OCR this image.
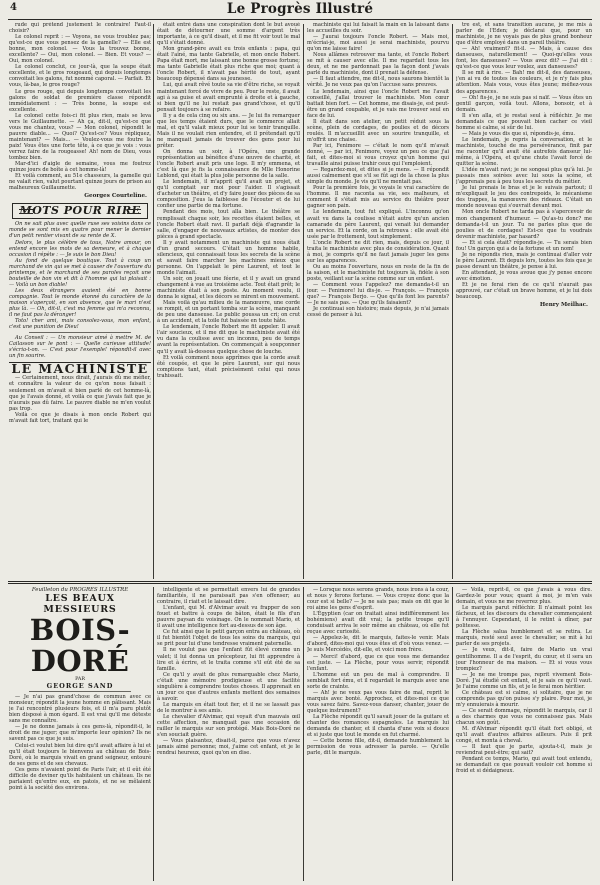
4	Le Progrès Illustré

rude qui prétend justement le contraire! Faut-il choisir?

Le colonel reprit : — Voyons, ne vous troublez pas; qu'est-ce que vous pensez de la gamelle? — Elle est bonne, mon colonel. — Vous la trouvez bonne, excellente? — Oui, mon colonel. — Bien. Et vous? — Oui, mon colonel.

Le colonel conclut, ce jour-là, que la soupe était excellente, et le gros rougeaud, qui depuis longtemps convoitait les galons, fut nommé caporal. — Parfait. Et vous, là-bas, le gros rouge?

Le gros rouge, qui depuis longtemps convoitait les galons de soldat de première classe répondit immédiatement : — Très bonne, la soupe est excellente.

Le colonel cette fois-ci fit plus rien, mais se leva vers le Guillaumette. — Ah ça, dit-il, qu'est-ce que vous me chantez, vous? — Mon colonel, répondit le pauvre diable... — Quoi? Qu'est-ce? Vous répliquez, maintenant? — Mais... — Voulez-vous me foutre la paix! Vous êtes une forte tête, à ce que je vois : vous verrez faire de la rougeasse! Ah! nom de Dieu, vous tombez bien.

Mar-d'ici d'aigle de semaine, vous me foutrez quinze jours de boîte à cet homme-là!

Et voilà comment, au 51e chasseurs, la gamelle qui ne valait rien, valut pourtant quinze jours de prison au malheureux Guillaumette.

Georges Courteline.
MOTS POUR RIRE

On ne sait plus avec quelle ruse ses voisins dans ce monde se sont mis en quatre pour mener le dernier d'un petit rentier vivant de sa rente de X.

Delors, le plus célèbre de tous, Notre amour, on entend encore les mots de sa demeure, et à chaque occasion il répète : — Je suis le bon Dieu!

Au fond de quelque boutique. Tout à coup un marchand de vin qui se met à causer de l'ouverture du printemps, et le marchand de ses paroles reçoit une bouteille de bon vin et dit à l'homme qui lui plaisait : — Voilà un bon diable!

Les deux étrangers avaient été en bonne compagnie. Tout le monde étonné du caractère de la maison s'aperçoit, en son absence, que le mari n'est plus là. — Oh, dit-il, c'est ma femme qui m'a reconnu, il ne faut pas la déranger!

Toto! cher ami, mais consolez-vous, mon enfant, c'est une punition de Dieu!

Au Conseil : — Un monsieur aimé à mettre M. de Cailasson sur le pont : — Quelle curieuse attitude! s'écria-t-on. — C'est pour l'exemple! répondit-il avec un fin sourire.

LE MACHINISTE

— Certainement, nous dirait, j'aurais dû me méfier, et connaître la valeur de ce qu'on nous faisait : seulement on m'avait si bien parlé de cet homme-là, que je l'avais donné, et voilà ce que j'avais fait que je n'aurais pas dû faire. Le pauvre diable ne m'en voulut pas trop.

Voilà ce que je disais à mon oncle Robert qui m'avait fait tort, traitant qui le

était entré dans une conspiration dont le but avoué était de détourner une somme d'argent très importante, à ce qu'il disait, et il me fit voir tout le mal qu'il s'était donné.

Mon grand-père avait eu trois enfants : papa, qui était l'aîné, ma tante Gabrielle, et mon oncle Robert. Papa était mort, me laissant une bonne grosse fortune; ma tante Gabrielle était plus riche que moi; quant à l'oncle Robert, il n'avait pas hérité de tout, ayant beaucoup dépensé dans sa jeunesse.

Lui, qui avait rêvé toute sa vie d'être riche, se voyait maintenant forcé de vivre de peu. Pour le reste, il avait agi à sa guise et avait emprunté à droite et à gauche, si bien qu'il ne lui restait pas grand'chose, et qu'il pensait toujours à se refaire.

Il y a de cela cinq ou six ans. — Je lui fis remarquer que les temps étaient durs, que le commerce allait mal, et qu'il valait mieux pour lui se tenir tranquille. Mais il ne voulait rien entendre, et il prétendait qu'il ne manquait jamais de trouver des gens pour lui prêter.

On donna un soir, à l'Opéra, une grande représentation au bénéfice d'une œuvre de charité, et l'oncle Robert avait pris une loge. Il m'y emmena, et c'est là que je fis la connaissance de Mlle Honorine Leblond, qui était la plus jolie personne de la salle.

Le lendemain, il m'apprit qu'il avait un projet, et qu'il comptait sur moi pour l'aider. Il s'agissait d'acheter un théâtre, et d'y faire jouer des pièces de sa composition. J'eus la faiblesse de l'écouter et de lui confier une partie de ma fortune.

Pendant des mois, tout alla bien. Le théâtre se remplissait chaque soir, les recettes étaient belles, et l'oncle Robert était ravi. Il parlait déjà d'agrandir la salle, d'engager de nouveaux artistes, de monter des pièces à grand spectacle.

Il y avait notamment un machiniste qui nous était d'un grand secours. C'était un homme habile, silencieux, qui connaissait tous les secrets de la scène et savait faire marcher les machines mieux que personne. On l'appelait le père Laurent, et tout le monde l'aimait.

Un soir, on jouait une féerie, et il y avait un grand changement à vue au troisième acte. Tout était prêt; le machiniste était à son poste. Au moment voulu, il donna le signal, et les décors se mirent en mouvement.

Mais voilà qu'au milieu de la manœuvre, une corde se rompit, et un portant tomba sur la scène, manquant de peu une danseuse. Le public poussa un cri; on crut à un accident, et la toile fut baissée en toute hâte.

Le lendemain, l'oncle Robert me fit appeler. Il avait l'air soucieux, et il me dit que le machiniste avait été vu dans la coulisse avec un inconnu, peu de temps avant la représentation. On commençait à soupçonner qu'il y avait là-dessous quelque chose de louche.

Et voilà comment nous apprîmes que la corde avait été coupée, et que le père Laurent, sur qui nous comptions tant, était précisément celui qui nous trahissait.

machiniste qui lui faisait la main en la laissant dans les accueilles du soir.

— J'aurai toujours l'oncle Robert. — Mais moi, m'écriai-je, moi aussi je serai machiniste, pourvu qu'on me laisse faire!

Nous allâmes retrouver ma tante, et l'oncle Robert se mit à causer avec elle. Il me regardait tous les deux, et ne me pardonnait pas la façon dont j'avais parlé du machiniste, dont il prenait la défense.

— Il faut attendre, me dit-il, nous saurons bientôt la vérité. Je ne veux pas qu'on l'accuse sans preuves.

Le lendemain, ainsi que l'oncle Robert me l'avait conseillé, j'allai trouver le machiniste. Mon cœur battait bien fort. — Cet homme, me disais-je, est peut-être un grand coupable, et je vais me trouver seul en face de lui.

Il était dans son atelier, un petit réduit sous la scène, plein de cordages, de poulies et de décors roulés. Il m'accueillit avec un sourire tranquille, et m'offrit une chaise.

Par ici, Fenimore — c'était le nom qu'il m'avait donné, — par ici, Fenimore, voyez un peu ce que j'ai fait, et dites-moi si vous croyez qu'un homme qui travaille ainsi puisse trahir ceux qui l'emploient.

— Regardez-moi, et dites si je mens. — Il répondit aussi calmement que s'il se fût agi de la chose la plus simple du monde. Je vis qu'il ne mentait pas.

Pour la première fois, je voyais le vrai caractère de l'homme. Il me raconta sa vie, ses malheurs, et comment il s'était mis au service du théâtre pour gagner son pain.

Le lendemain, tout fut expliqué. L'inconnu qu'on avait vu dans la coulisse n'était autre qu'un ancien camarade du père Laurent, qui venait lui demander un service. Et la corde, on la retrouva : elle avait été usée par le frottement, tout simplement.

L'oncle Robert ne dit rien, mais, depuis ce jour, il traita le machiniste avec plus de considération. Quant à moi, je compris qu'il ne faut jamais juger les gens sur les apparences.

Ou au moins l'ouverture, nous en reste de la fin de la saison, et le machiniste fut toujours là, fidèle à son poste, veillant sur la scène comme sur un enfant.

— Comment vous l'appelez? me demanda-t-il un jour. — Fenimore! lui dis-je. — François. — François que? — François Berjo. — Que qu'ils font les parents? — Je ne sais pas. — Que qu'ils faisaient?

Je continuai son histoire; mais depuis, je n'ai jamais cessé de penser à lui.

tre est, et sans transition aucune, je me mis à parler de l'Eden; je déclarai que, pour un machiniste, je ne voyais pas de plus grand bonheur que d'être employé dans un pareil théâtre.

— Ah! vraiment? fit-il. — Mais, à cause des danseuses, naturellement! — Quoi-qu'elles vous font, les danseuses? — Vous avez dit? — J'ai dit : qu'est-ce que vous leur voulez, aux danseuses?

Il se mit à rire. — Bah! me dit-il, des danseuses, j'en ai vu de toutes les couleurs, et je n'y fais plus attention. Mais vous, vous êtes jeune; méfiez-vous des apparences.

— Oh! fis-je, je ne suis pas si naïf. — Vous êtes un gentil garçon, voilà tout. Allons, bonsoir, et à demain.

Il s'en alla, et je restai seul à réfléchir. Je me demandais ce que pouvait bien cacher ce vieil homme si calme, si sûr de lui.

— Mais je vous dis que si, répondis-je, ému.

Le lendemain, je repris la conversation, et le machiniste, touché de ma persévérance, finit par me raconter qu'il avait été autrefois danseur lui-même, à l'Opéra, et qu'une chute l'avait forcé de quitter la scène.

L'idée m'avait ravi; je ne songeai plus qu'à lui. Je passais mes soirées avec lui sous la scène, et j'apprenais peu à peu tous les secrets du métier.

Je lui prenais le bras et je le suivais partout; il m'expliquait le jeu des contrepoids, le mécanisme des trappes, la manœuvre des rideaux. C'était un monde nouveau qui s'ouvrait devant moi.

Mon oncle Robert ne tarda pas à s'apercevoir de mon changement d'humeur. — Qu'as-tu donc? me demanda-t-il un jour. Tu ne parles plus que de poulies et de cordages! Est-ce que tu voudrais devenir machiniste, par hasard?

— Et si cela était? répondis-je. — Tu serais bien fou! Un garçon qui a de la fortune et un nom!

Je ne répondis rien, mais je continuai d'aller voir le père Laurent. Et depuis lors, toutes les fois que je passe devant un théâtre, je pense à lui.

En attendant, je vous avoue que j'y pense encore avec émotion.

Et je ne ferai rien de ce qu'il n'aurait pas approuvé, car c'était un brave homme, et je lui dois beaucoup.

Henry Meilhac.

Feuilleton du PROGRÈS ILLUSTRÉ

LES BEAUX MESSIEURS
BOIS-DORÉ
PAR
GEORGE SAND

— Je n'ai pas grand'chose de commun avec ce monsieur, répondit la jeune homme en pâlissant. Mais je l'ai rencontré plusieurs fois, et il m'a paru plutôt bien disposé à mon égard. Il est vrai qu'il me déteste sans me connaître.

— Je ne donne jamais à ces gens-là, répondit-il, le droit de me juger; que m'importe leur opinion? Ils ne savent pas ce que je suis.

Celui-ci voulut bien lui dire qu'il avait affaire à lui et qu'il était toujours le bienvenu au château de Bois-Doré, où le marquis vivait en grand seigneur, entouré de ses gens et de ses chevaux.

Ces gens n'avaient point de Paris l'air, et il eût été difficile de deviner qu'ils habitaient un château. Ils ne parlaient qu'entre eux, en patois, et ne se mêlaient point à la société des environs.

intelligente et se permettait envers lui de grandes familiarités, il ne paraissait pas s'en offenser; au contraire, il riait et le laissait dire.

L'enfant, qui M. d'Alvimar avait vu frapper de son fouet et battre à coups de bâton, était le fils d'un pauvre paysan du voisinage. On le nommait Mario, et il avait une intelligence fort au-dessus de son âge.

Ce fut ainsi que le petit garçon entra au château, où il fut bientôt l'objet de tous les soins du marquis, qui se prit pour lui d'une tendresse vraiment paternelle.

Il ne voulut pas que l'enfant fût élevé comme un valet; il lui donna un précepteur, lui fit apprendre à lire et à écrire, et le traita comme s'il eût été de sa famille.

Ce qu'il y avait de plus remarquable chez Mario, c'était une mémoire prodigieuse et une facilité singulière à comprendre toutes choses. Il apprenait en un jour ce que d'autres enfants mettent des semaines à savoir.

Le marquis en était tout fier, et il ne se lassait pas de le montrer à ses amis.

Le chevalier d'Alvimar, qui voyait d'un mauvais œil cette affection, ne manquait pas une occasion de railler le marquis sur son protégé. Mais Bois-Doré ne s'en souciait guère.

— Vous plaisantez, disait-il, parce que vous n'avez jamais aimé personne; moi, j'aime cet enfant, et je le rendrai heureux, quoi qu'on en dise.

— Lorsque nous serons grands, nous irons à la cour, et nous y ferons fortune. — Vous croyez donc que la cour est si belle? — Je ne sais pas; mais on dit que le roi aime les gens d'esprit.

L'Égyptien (car on traitait ainsi indifféremment les bohémiens) avait dit vrai; la petite troupe qu'il conduisait arriva le soir même au château, où elle fut reçue avec curiosité.

— Appelez-le, dit le marquis, faites-le venir. Mais d'abord, dites-moi qui vous êtes et d'où vous venez. — Je suis Mercédès, dit-elle, et voici mon frère.

— Merci! d'abord, que ce que vous me demandez est juste. — La Flèche, pour vous servir, répondit l'enfant.

L'homme eut un peu de mal à comprendre. Il semblait fort ému, et il regardait le marquis avec une sorte de crainte.

— Ah! je ne veux pas vous faire de mal, reprit le marquis avec bonté. Approchez, et dites-moi ce que vous savez faire. Savez-vous danser, chanter, jouer de quelque instrument?

La Flèche répondit qu'il savait jouer de la guitare et chanter des romances espagnoles. Le marquis lui demanda de chanter, et il chanta d'une voix si douce et si juste que tout le monde en fut charmé.

— Cette bonne fille, dit-il, demande humblement la permission de vous adresser la parole. — Qu'elle parle, dit le marquis.

— Voilà, reprit-il, ce que j'avais à vous dire. Gardez-le pour vous; quant à moi, je m'en vais demain, et vous ne me reverrez plus.

Le marquis parut réfléchir. Il n'aimait point les fâcheux, et les discours du chevalier commençaient à l'ennuyer. Cependant, il le retint à dîner, par politesse.

La Flèche salua humblement et se retira. Le marquis, resté seul avec le chevalier, se mit à lui parler de ses projets.

— Je veux, dit-il, faire de Mario un vrai gentilhomme. Il a de l'esprit, du cœur, et il sera un jour l'honneur de ma maison. — Et si vous vous trompiez?

— Je ne me trompe pas, reprit vivement Bois-Doré. J'ai étudié cet enfant, et je sais ce qu'il vaut. Je l'aime comme un fils, et je le ferai mon héritier.

Ce château est si calme, si solitaire, que je ne comprends pas qu'on puisse s'y plaire. Pour moi, je m'y ennuierais à mourir.

— Ce serait dommage, répondit le marquis, car il a des charmes que vous ne connaissez pas. Mais chacun son goût.

M. d'Alvimar répondit qu'il était fort obligé, et qu'il avait d'autres affaires ailleurs. Puis il prit congé, et monta à cheval.

— Il faut que je parte, ajouta-t-il, mais je reviendrai peut-être; qui sait?

Pendant ce temps, Mario, qui avait tout entendu, se demandait ce que pouvait vouloir cet homme si froid et si dédaigneux.
